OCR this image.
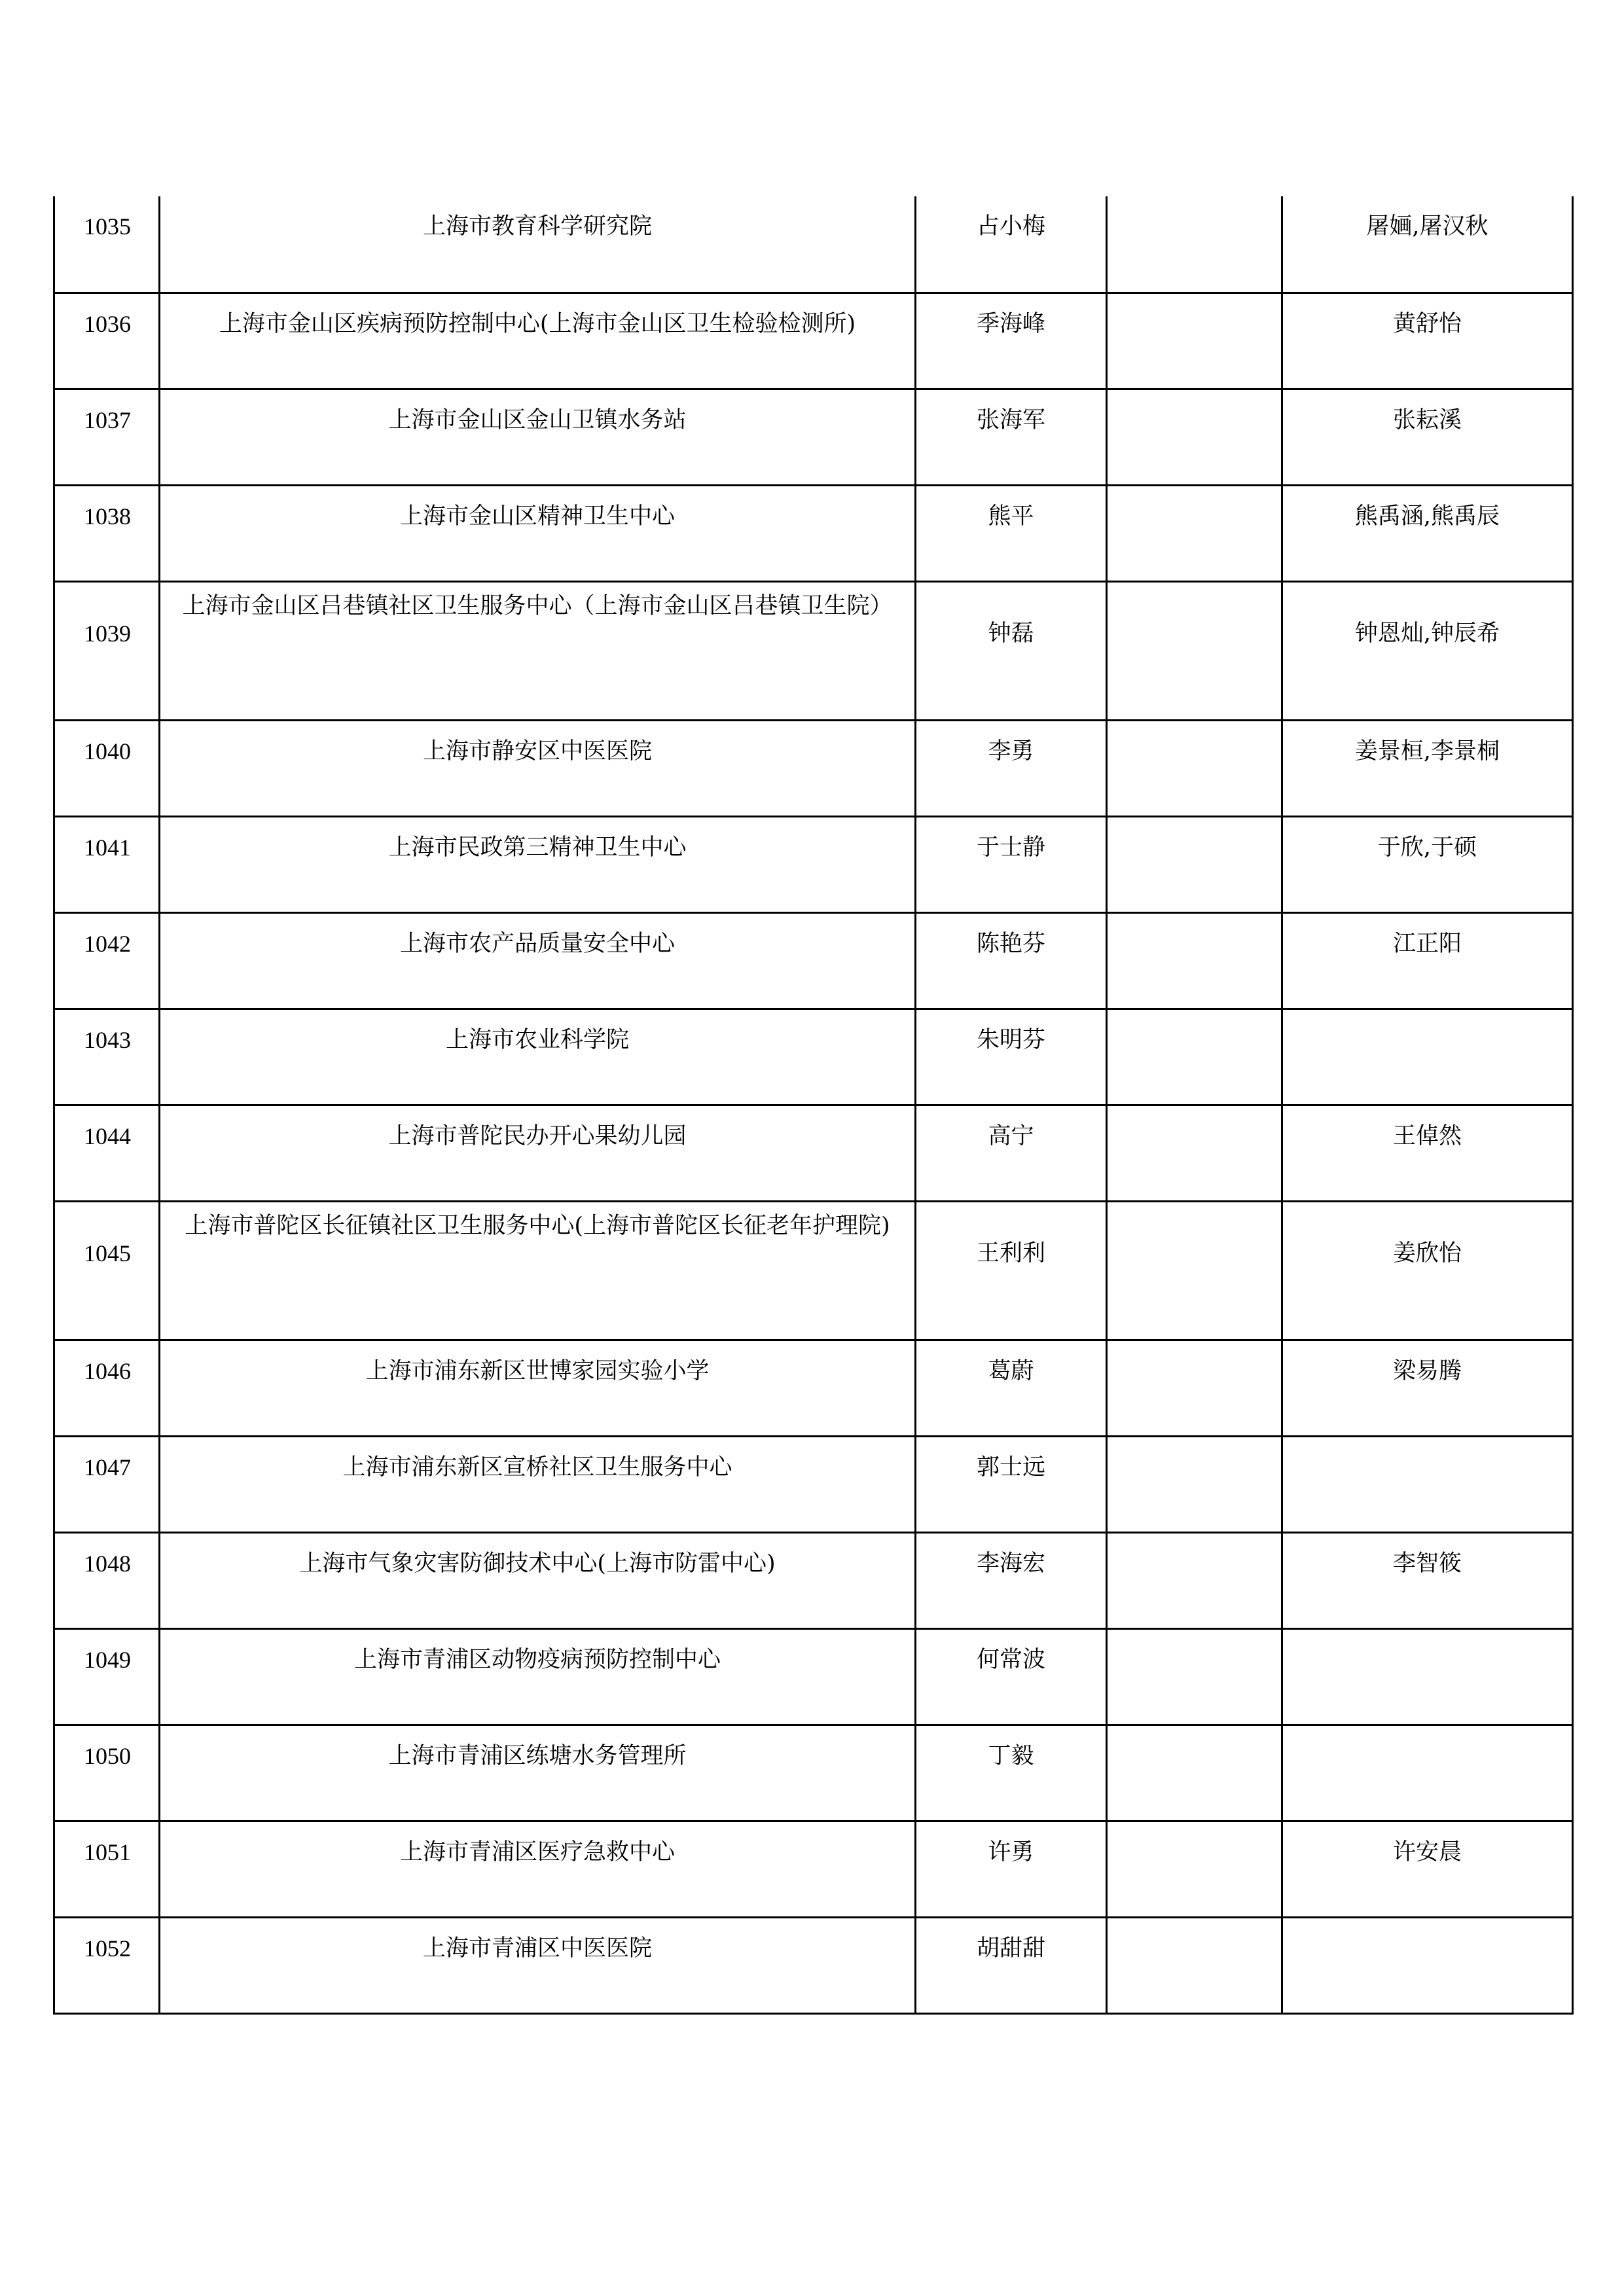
1035	上海市教育科学研究院	占小梅		屠婳,屠汉秋
1036	上海市金山区疾病预防控制中心(上海市金山区卫生检验检测所)	季海峰		黄舒怡
1037	上海市金山区金山卫镇水务站	张海军		张耘溪
1038	上海市金山区精神卫生中心	熊平		熊禹涵,熊禹辰
1039	上海市金山区吕巷镇社区卫生服务中心（上海市金山区吕巷镇卫生院）	钟磊		钟恩灿,钟辰希
1040	上海市静安区中医医院	李勇		姜景桓,李景桐
1041	上海市民政第三精神卫生中心	于士静		于欣,于硕
1042	上海市农产品质量安全中心	陈艳芬		江正阳
1043	上海市农业科学院	朱明芬		
1044	上海市普陀民办开心果幼儿园	高宁		王倬然
1045	上海市普陀区长征镇社区卫生服务中心(上海市普陀区长征老年护理院)	王利利		姜欣怡
1046	上海市浦东新区世博家园实验小学	葛蔚		梁易腾
1047	上海市浦东新区宣桥社区卫生服务中心	郭士远		
1048	上海市气象灾害防御技术中心(上海市防雷中心)	李海宏		李智筱
1049	上海市青浦区动物疫病预防控制中心	何常波		
1050	上海市青浦区练塘水务管理所	丁毅		
1051	上海市青浦区医疗急救中心	许勇		许安晨
1052	上海市青浦区中医医院	胡甜甜		
